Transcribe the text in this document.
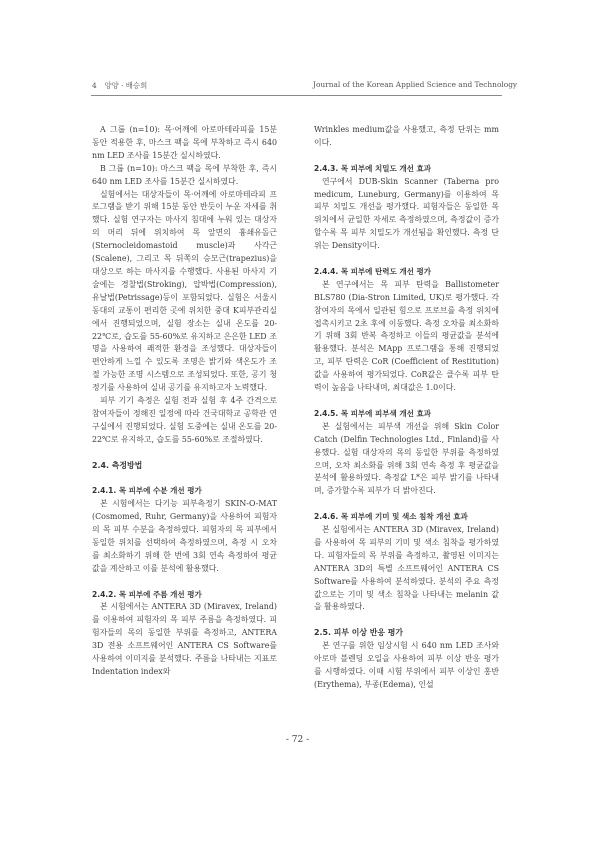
4 ⠀양양 · 배승희	Journal of the Korean Applied Science and Technology

A 그룹 (n=10): 목·어깨에 아로마테라피를 15분 동안 적용한 후, 마스크 팩을 목에 부착하고 즉시 640 nm LED 조사를 15분간 실시하였다.

B 그룹 (n=10): 마스크 팩을 목에 부착한 후, 즉시 640 nm LED 조사를 15분간 실시하였다.

실험에서는 대상자들이 목·어깨에 아로마테라피 프로그램을 받기 위해 15분 동안 반듯이 누운 자세를 취했다. 실험 연구자는 마사지 침대에 누워 있는 대상자의 머리 뒤에 위치하여 목 앞면의 흉쇄유돌근(Sternocleidomastoid muscle)과 사각근(Scalene), 그리고 목 뒤쪽의 승모근(trapezius)을 대상으로 하는 마사지를 수행했다. 사용된 마사지 기술에는 경찰법(Stroking), 압박법(Compression), 유날법(Petrissage)등이 포함되었다. 실험은 서울시 동대의 교통이 편리한 곳에 위치한 중대 K피부관리실에서 진행되었으며, 실험 장소는 실내 온도를 20-22℃로, 습도를 55-60%로 유지하고 은은한 LED 조명을 사용하여 쾌적한 환경을 조성했다. 대상자들이 편안하게 느낄 수 있도록 조명은 밝기와 색온도가 조절 가능한 조명 시스템으로 조성되었다. 또한, 공기 청정기를 사용하여 실내 공기를 유지하고자 노력했다.

피부 기기 측정은 실험 전과 실험 후 4주 간격으로 참여자들이 정해진 일정에 따라 건국대학교 공학관 연구실에서 진행되었다. 실험 도중에는 실내 온도를 20-22℃로 유지하고, 습도를 55-60%로 조절하였다.

2.4. 측정방법

2.4.1. 목 피부에 수분 개선 평가

본 시험에서는 다기능 피부측정기 SKIN-O-MAT (Cosmomed, Ruhr, Germany)을 사용하여 피험자의 목 피부 수분을 측정하였다. 피험자의 목 피부에서 동일한 위치를 선택하여 측정하였으며, 측정 시 오차를 최소화하기 위해 한 번에 3회 연속 측정하여 평균값을 계산하고 이를 분석에 활용했다.

2.4.2. 목 피부에 주름 개선 평가

본 시험에서는 ANTERA 3D (Miravex, Ireland)를 이용하여 피험자의 목 피부 주름을 측정하였다. 피험자들의 목의 동일한 부위를 측정하고, ANTERA 3D 전용 소프트웨어인 ANTERA CS Software를 사용하여 이미지를 분석했다. 주름을 나타내는 지표로 Indentation index와

Wrinkles medium값을 사용했고, 측정 단위는 mm이다.

2.4.3. 목 피부에 치밀도 개선 효과

연구에서 DUB-Skin Scanner (Taberna pro medicum, Luneburg, Germany)를 이용하여 목 피부 치밀도 개선을 평가했다. 피험자들은 동일한 목 위치에서 균일한 자세로 측정하였으며, 측정값이 증가할수록 목 피부 치밀도가 개선됨을 확인했다. 측정 단위는 Density이다.

2.4.4. 목 피부에 탄력도 개선 평가

본 연구에서는 목 피부 탄력을 Ballistometer BLS780 (Dia-Stron Limited, UK)로 평가했다. 각 참여자의 목에서 일관된 힘으로 프로브를 측정 위치에 접촉시키고 2초 후에 이동했다. 측정 오차를 최소화하기 위해 3회 반복 측정하고 이들의 평균값을 분석에 활용했다. 분석은 MApp 프로그램을 통해 진행되었고, 피부 탄력은 CoR (Coefficient of Restitution) 값을 사용하여 평가되었다. CoR값은 클수록 피부 탄력이 높음을 나타내며, 최대값은 1.0이다.

2.4.5. 목 피부에 피부색 개선 효과

본 실험에서는 피부색 개선을 위해 Skin Color Catch (Delfin Technologies Ltd., Finland)를 사용했다. 실험 대상자의 목의 동일한 부위를 측정하였으며, 오차 최소화를 위해 3회 연속 측정 후 평균값을 분석에 활용하였다. 측정값 L*은 피부 밝기를 나타내며, 증가할수록 피부가 더 밝아진다.

2.4.6. 목 피부에 기미 및 색소 침착 개선 효과

본 실험에서는 ANTERA 3D (Miravex, Ireland)를 사용하여 목 피부의 기미 및 색소 침착을 평가하였다. 피험자들의 목 부위를 측정하고, 촬영된 이미지는 ANTERA 3D의 특별 소프트웨어인 ANTERA CS Software를 사용하여 분석하였다. 분석의 주요 측정값으로는 기미 및 색소 침착을 나타내는 melanin 값을 활용하였다.

2.5. 피부 이상 반응 평가

본 연구를 위한 임상시험 시 640 nm LED 조사와 아로마 블렌딩 오일을 사용하여 피부 이상 반응 평가를 시행하였다. 이때 시험 부위에서 피부 이상인 홍반(Erythema), 부종(Edema), 인설

- 72 -
